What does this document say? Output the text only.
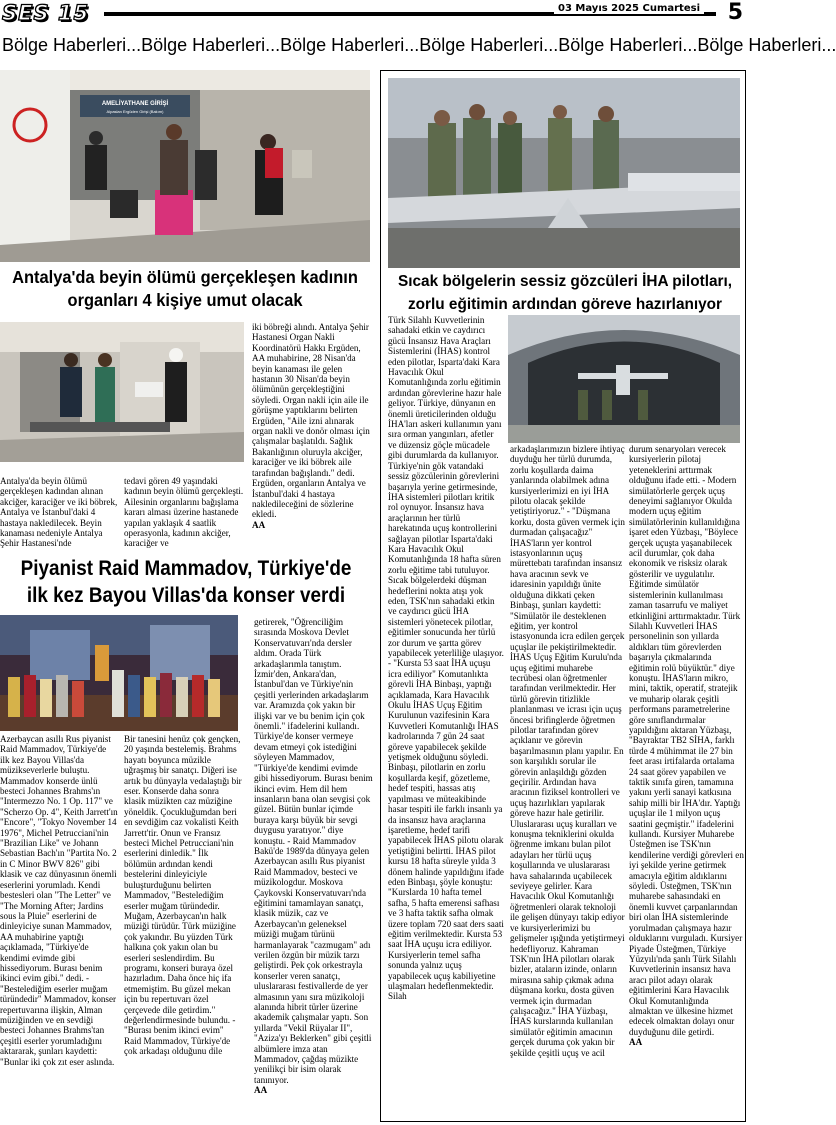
SES 15	03 Mayıs 2025 Cumartesi 5
Bölge Haberleri...Bölge Haberleri...Bölge Haberleri...Bölge Haberleri...Bölge Haberleri...Bölge Haberleri...
AMELİYATHANE GİRİŞİ
Alpaslan Ergüden Girişi (Bakım)
Antalya'da beyin ölümü gerçekleşen kadının
organları 4 kişiye umut olacak

Antalya'da beyin ölümü gerçekleşen kadından alınan akciğer, karaciğer ve iki böbrek, Antalya ve İstanbul'daki 4 hastaya nakledilecek. Beyin kanaması nedeniyle Antalya Şehir Hastanesi'nde

tedavi gören 49 yaşındaki kadının beyin ölümü gerçekleşti. Ailesinin organlarını bağışlama kararı alması üzerine hastanede yapılan yaklaşık 4 saatlik operasyonla, kadının akciğer, karaciğer ve

iki böbreği alındı. Antalya Şehir Hastanesi Organ Nakli Koordinatörü Hakkı Ergüden, AA muhabirine, 28 Nisan'da beyin kanaması ile gelen hastanın 30 Nisan'da beyin ölümünün gerçekleştiğini söyledi. Organ nakli için aile ile görüşme yaptıklarını belirten Ergüden, "Aile izni alınarak organ nakli ve donör olması için çalışmalar başlatıldı. Sağlık Bakanlığının oluruyla akciğer, karaciğer ve iki böbrek aile tarafından bağışlandı." dedi. Ergüden, organların Antalya ve İstanbul'daki 4 hastaya nakledileceğini de sözlerine ekledi.

AA

Piyanist Raid Mammadov, Türkiye'de
ilk kez Bayou Villas'da konser verdi

Azerbaycan asıllı Rus piyanist Raid Mammadov, Türkiye'de ilk kez Bayou Villas'da müzikseverlerle buluştu. Mammadov konserde ünlü besteci Johannes Brahms'ın "Intermezzo No. 1 Op. 117" ve "Scherzo Op. 4", Keith Jarrett'ın "Encore", "Tokyo November 14 1976", Michel Petrucciani'nin "Brazilian Like" ve Johann Sebastian Bach'ın "Partita No. 2 in C Minor BWV 826" gibi klasik ve caz dünyasının önemli eserlerini yorumladı. Kendi bestesleri olan "The Letter" ve "The Morning After; Jardins sous la Pluie" eserlerini de dinleyiciye sunan Mammadov, AA muhabirine yaptığı açıklamada, "Türkiye'de kendimi evimde gibi hissediyorum. Burası benim ikinci evim gibi." dedi. - "Bestelediğim eserler muğam türündedir" Mammadov, konser repertuvarına ilişkin, Alman müziğinden ve en sevdiği besteci Johannes Brahms'tan çeşitli eserler yorumladığını aktararak, şunları kaydetti: "Bunlar iki çok zıt eser aslında.

Bir tanesini henüz çok gençken, 20 yaşında bestelemiş. Brahms hayatı boyunca müzikle uğraşmış bir sanatçı. Diğeri ise artık bu dünyayla vedalaştığı bir eser. Konserde daha sonra klasik müzikten caz müziğine yöneldik. Çocukluğumdan beri en sevdiğim caz vokalisti Keith Jarrett'tir. Onun ve Fransız besteci Michel Petrucciani'nin eserlerini dinledik." İlk bölümün ardından kendi bestelerini dinleyiciyle buluşturduğunu belirten Mammadov, "Bestelediğim eserler muğam türündedir. Muğam, Azerbaycan'ın halk müziği türüdür. Türk müziğine çok yakındır. Bu yüzden Türk halkına çok yakın olan bu eserleri seslendirdim. Bu programı, konseri buraya özel hazırladım. Daha önce hiç ifa etmemiştim. Bu güzel mekan için bu repertuvarı özel çerçevede dile getirdim." değerlendirmesinde bulundu. - "Burası benim ikinci evim" Raid Mammadov, Türkiye'de çok arkadaşı olduğunu dile

getirerek, "Öğrenciliğim sırasında Moskova Devlet Konservatuvarı'nda dersler aldım. Orada Türk arkadaşlarımla tanıştım. İzmir'den, Ankara'dan, İstanbul'dan ve Türkiye'nin çeşitli yerlerinden arkadaşlarım var. Aramızda çok yakın bir ilişki var ve bu benim için çok önemli." ifadelerini kullandı. Türkiye'de konser vermeye devam etmeyi çok istediğini söyleyen Mammadov, "Türkiye'de kendimi evimde gibi hissediyorum. Burası benim ikinci evim. Hem dil hem insanların bana olan sevgisi çok güzel. Bütün bunlar içimde buraya karşı büyük bir sevgi duygusu yaratıyor." diye konuştu. - Raid Mammadov Bakü'de 1989'da dünyaya gelen Azerbaycan asıllı Rus piyanist Raid Mammadov, besteci ve müzikologdur. Moskova Çaykovski Konservatuvarı'nda eğitimini tamamlayan sanatçı, klasik müzik, caz ve Azerbaycan'ın geleneksel müziği muğam türünü harmanlayarak "cazmugam" adı verilen özgün bir müzik tarzı geliştirdi. Pek çok orkestrayla konserler veren sanatçı, uluslararası festivallerde de yer almasının yanı sıra müzikoloji alanında hibrit türler üzerine akademik çalışmalar yaptı. Son yıllarda "Vekil Rüyalar II", "Aziza'yı Beklerken" gibi çeşitli albümlere imza atan Mammadov, çağdaş müzikte yenilikçi bir isim olarak tanınıyor.

AA

Sıcak bölgelerin sessiz gözcüleri İHA pilotları,
zorlu eğitimin ardından göreve hazırlanıyor

Türk Silahlı Kuvvetlerinin sahadaki etkin ve caydırıcı gücü İnsansız Hava Araçları Sistemlerini (İHAS) kontrol eden pilotlar, Isparta'daki Kara Havacılık Okul Komutanlığında zorlu eğitimin ardından görevlerine hazır hale geliyor. Türkiye, dünyanın en önemli üreticilerinden olduğu İHA'ları askeri kullanımın yanı sıra orman yangınları, afetler ve düzensiz göçle mücadele gibi durumlarda da kullanıyor. Türkiye'nin gök vatandaki sessiz gözcülerinin görevlerini başarıyla yerine getirmesinde, İHA sistemleri pilotları kritik rol oynuyor. İnsansız hava araçlarının her türlü harekatında uçuş kontrollerini sağlayan pilotlar Isparta'daki Kara Havacılık Okul Komutanlığında 18 hafta süren zorlu eğitime tabi tutuluyor. Sıcak bölgelerdeki düşman hedeflerini nokta atışı yok eden, TSK'nın sahadaki etkin ve caydırıcı gücü İHA sistemleri yönetecek pilotlar, eğitimler sonucunda her türlü zor durum ve şartta görev yapabilecek yeterliliğe ulaşıyor. - "Kursta 53 saat İHA uçuşu icra ediliyor" Komutanlıkta görevli İHA Binbaşı, yaptığı açıklamada, Kara Havacılık Okulu İHAS Uçuş Eğitim Kurulunun vazifesinin Kara Kuvvetleri Komutanlığı İHAS kadrolarında 7 gün 24 saat göreve yapabilecek şekilde yetişmek olduğunu söyledi. Binbaşı, pilotlarin en zorlu koşullarda keşif, gözetleme, hedef tespiti, hassas atış yapılması ve müteakibinde hasar tespiti ile farklı insanlı ya da insansız hava araçlarına işaretleme, hedef tarifi yapabilecek İHAS pilotu olarak yetiştiğini belirtti. İHAS pilot kursu 18 hafta süreyle yılda 3 dönem halinde yapıldığını ifade eden Binbaşı, şöyle konuştu: "Kurslarda 10 hafta temel safha, 5 hafta emerensi safhası ve 3 hafta taktik safha olmak üzere toplam 720 saat ders saati eğitim verilmektedir. Kursta 53 saat İHA uçuşu icra ediliyor. Kursiyerlerin temel safha sonunda yalnız uçuş yapabilecek uçuş kabiliyetine ulaşmaları hedeflenmektedir. Silah

arkadaşlarımızın bizlere ihtiyaç duyduğu her türlü durumda, zorlu koşullarda daima yanlarında olabilmek adına kursiyerlerimizi en iyi İHA pilotu olacak şekilde yetiştiriyoruz." - "Düşmana korku, dosta güven vermek için durmadan çalışacağız" İHAS'ların yer kontrol istasyonlarının uçuş mürettebatı tarafından insansız hava aracının sevk ve idaresinin yapıldığı ünite olduğuna dikkati çeken Binbaşı, şunları kaydetti: "Simülatör ile desteklenen eğitim, yer kontrol istasyonunda icra edilen gerçek uçuşlar ile pekiştirilmektedir. İHAS Uçuş Eğitim Kurulu'nda uçuş eğitimi muharebe tecrübesi olan öğretmenler tarafından verilmektedir. Her türlü görevin titizlikle planlanması ve icrası için uçuş öncesi brifinglerde öğretmen pilotlar tarafından görev açıklanır ve görevin başarılmasının planı yapılır. En son karşılıklı sorular ile görevin anlaşıldığı gözden geçirilir. Ardından hava aracının fiziksel kontrolleri ve uçuş hazırlıkları yapılarak göreve hazır hale getirilir. Uluslararası uçuş kuralları ve konuşma tekniklerini okulda öğrenme imkanı bulan pilot adayları her türlü uçuş koşullarında ve uluslararası hava sahalarında uçabilecek seviyeye gelirler. Kara Havacılık Okul Komutanlığı öğretmenleri olarak teknoloji ile gelişen dünyayı takip ediyor ve kursiyerlerimizi bu gelişmeler ışığında yetiştirmeyi hedefliyoruz. Kahraman TSK'nın İHA pilotları olarak bizler, ataların izinde, onların mirasına sahip çıkmak adına düşmana korku, dosta güven vermek için durmadan çalışacağız." İHA Yüzbaşı, İHAS kurslarında kullanılan simülatör eğitimin amacının gerçek duruma çok yakın bir şekilde çeşitli uçuş ve acil

durum senaryoları verecek kursiyerlerin pilotaj yeteneklerini arttırmak olduğunu ifade etti. - Modern simülatörlerle gerçek uçuş deneyimi sağlanıyor Okulda modern uçuş eğitim simülatörlerinin kullanıldığına işaret eden Yüzbaşı, "Böylece gerçek uçuşta yaşanabilecek acil durumlar, çok daha ekonomik ve risksiz olarak gösterilir ve uygulatılır. Eğitimde simülatör sistemlerinin kullanılması zaman tasarrufu ve maliyet etkinliğini arttırmaktadır. Türk Silahlı Kuvvetleri İHAS personelinin son yıllarda aldıkları tüm görevlerden başarıyla çıkmalarında eğitimin rolü büyüktür." diye konuştu. İHAS'ların mikro, mini, taktik, operatif, stratejik ve muharip olarak çeşitli performans parametrelerine göre sınıflandırmalar yapıldığını aktaran Yüzbaşı, "Bayraktar TB2 SİHA, farklı türde 4 mühimmat ile 27 bin feet arası irtifalarda ortalama 24 saat görev yapabilen ve taktik sınıfa giren, tamamına yakını yerli sanayi katkısına sahip milli bir İHA'dır. Yaptığı uçuşlar ile 1 milyon uçuş saatini geçmiştir." ifadelerini kullandı. Kursiyer Muharebe Üsteğmen ise TSK'nın kendilerine verdiği görevleri en iyi şekilde yerine getirmek amacıyla eğitim aldıklarını söyledi. Üsteğmen, TSK'nın muharebe sahasındaki en önemli kuvvet çarpanlarından biri olan İHA sistemlerinde yorulmadan çalışmaya hazır olduklarını vurguladı. Kursiyer Piyade Üsteğmen, Türkiye Yüzyılı'nda şanlı Türk Silahlı Kuvvetlerinin insansız hava aracı pilot adayı olarak eğitimlerini Kara Havacılık Okul Komutanlığında almaktan ve ülkesine hizmet edecek olmaktan dolayı onur duyduğunu dile getirdi.

AA
